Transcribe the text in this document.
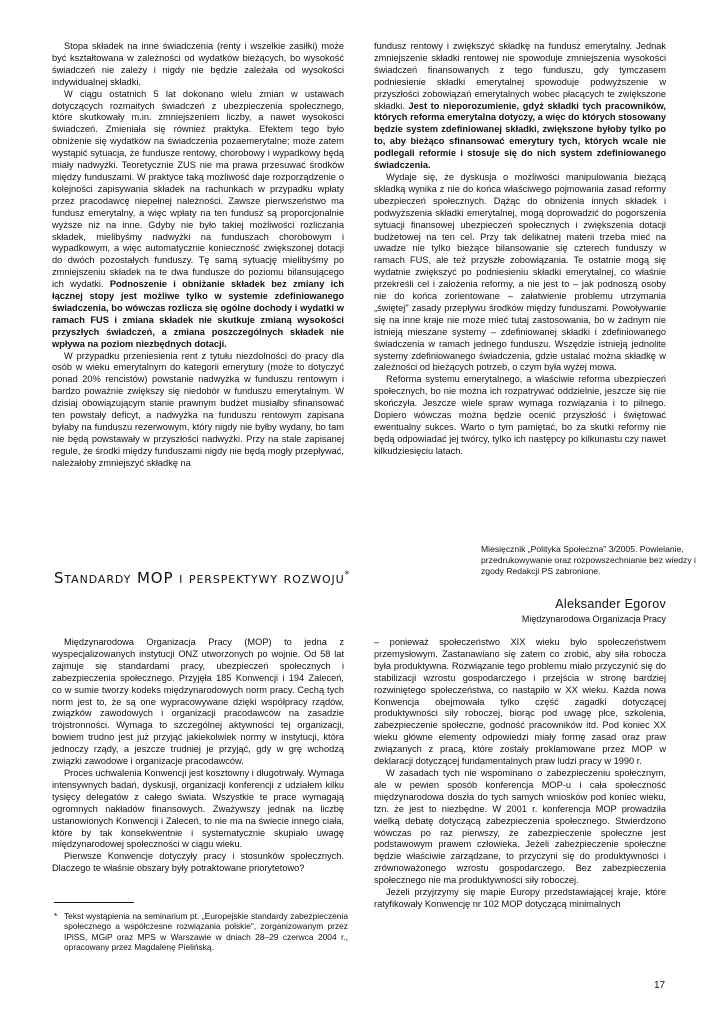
Stopa składek na inne świadczenia (renty i wszelkie zasiłki) może być kształtowana w zależności od wydatków bieżących, bo wysokość świadczeń nie zależy i nigdy nie będzie zależała od wysokości indywidualnej składki.

W ciągu ostatnich 5 lat dokonano wielu zmian w ustawach dotyczących rozmaitych świadczeń z ubezpieczenia społecznego, które skutkowały m.in. zmniejszeniem liczby, a nawet wysokości świadczeń. Zmieniała się również praktyka. Efektem tego było obniżenie się wydatków na świadczenia pozaemerytalne; może zatem wystąpić sytuacja, że fundusze rentowy, chorobowy i wypadkowy będą miały nadwyżki. Teoretycznie ZUS nie ma prawa przesuwać środków między funduszami. W praktyce taką możliwość daje rozporządzenie o kolejności zapisywania składek na rachunkach w przypadku wpłaty przez pracodawcę niepełnej należności. Zawsze pierwszeństwo ma fundusz emerytalny, a więc wpłaty na ten fundusz są proporcjonalnie wyższe niż na inne. Gdyby nie było takiej możliwości rozliczania składek, mielibyśmy nadwyżki na funduszach chorobowym i wypadkowym, a więc automatycznie konieczność zwiększonej dotacji do dwóch pozostałych funduszy. Tę samą sytuację mielibyśmy po zmniejszeniu składek na te dwa fundusze do poziomu bilansującego ich wydatki. Podnoszenie i obniżanie składek bez zmiany ich łącznej stopy jest możliwe tylko w systemie zdefiniowanego świadczenia, bo wówczas rozlicza się ogólne dochody i wydatki w ramach FUS i zmiana składek nie skutkuje zmianą wysokości przyszłych świadczeń, a zmiana poszczególnych składek nie wpływa na poziom niezbędnych dotacji.

W przypadku przeniesienia rent z tytułu niezdolności do pracy dla osób w wieku emerytalnym do kategorii emerytury (może to dotyczyć ponad 20% rencistów) powstanie nadwyżka w funduszu rentowym i bardzo poważnie zwiększy się niedobór w funduszu emerytalnym. W dzisiaj obowiązującym stanie prawnym budżet musiałby sfinansować ten powstały deficyt, a nadwyżka na funduszu rentowym zapisana byłaby na funduszu rezerwowym, który nigdy nie byłby wydany, bo tam nie będą powstawały w przyszłości nadwyżki. Przy na stale zapisanej regule, że środki między funduszami nigdy nie będą mogły przepływać, należałoby zmniejszyć składkę na

fundusz rentowy i zwiększyć składkę na fundusz emerytalny. Jednak zmniejszenie składki rentowej nie spowoduje zmniejszenia wysokości świadczeń finansowanych z tego funduszu, gdy tymczasem podniesienie składki emerytalnej spowoduje podwyższenie w przyszłości zobowiązań emerytalnych wobec płacących te zwiększone składki. Jest to nieporozumienie, gdyż składki tych pracowników, których reforma emerytalna dotyczy, a więc do których stosowany będzie system zdefiniowanej składki, zwiększone byłoby tylko po to, aby bieżąco sfinansować emerytury tych, których wcale nie podlegali reformie i stosuje się do nich system zdefiniowanego świadczenia.

Wydaje się, że dyskusja o możliwości manipulowania bieżącą składką wynika z nie do końca właściwego pojmowania zasad reformy ubezpieczeń społecznych. Dążąc do obniżenia innych składek i podwyższenia składki emerytalnej, mogą doprowadzić do pogorszenia sytuacji finansowej ubezpieczeń społecznych i zwiększenia dotacji budżetowej na ten cel. Przy tak delikatnej materii trzeba mieć na uwadze nie tylko bieżące bilansowanie się czterech funduszy w ramach FUS, ale też przyszłe zobowiązania. Te ostatnie mogą się wydatnie zwiększyć po podniesieniu składki emerytalnej, co właśnie przekreśli cel i założenia reformy, a nie jest to – jak podnoszą osoby nie do końca zorientowane – załatwienie problemu utrzymania „świętej" zasady przepływu środków między funduszami. Powoływanie się na inne kraje nie może mieć tutaj zastosowania, bo w żadnym nie istnieją mieszane systemy – zdefiniowanej składki i zdefiniowanego świadczenia w ramach jednego funduszu. Wszędzie istnieją jednolite systemy zdefiniowanego świadczenia, gdzie ustalać można składkę w zależności od bieżących potrzeb, o czym była wyżej mowa.

Reforma systemu emerytalnego, a właściwie reforma ubezpieczeń społecznych, bo nie można ich rozpatrywać oddzielnie, jeszcze się nie skończyła. Jeszcze wiele spraw wymaga rozwiązania i to pilnego. Dopiero wówczas można będzie ocenić przyszłość i świętować ewentualny sukces. Warto o tym pamiętać, bo za skutki reformy nie będą odpowiadać jej twórcy, tylko ich następcy po kilkunastu czy nawet kilkudziesięciu latach.

Miesięcznik „Polityka Społeczna" 3/2005. Powielanie, przedrukowywanie oraz rozpowszechnianie bez wiedzy i zgody Redakcji PS zabronione.
Standardy MOP i perspektywy rozwoju*
Aleksander Egorov
Międzynarodowa Organizacja Pracy

Międzynarodowa Organizacja Pracy (MOP) to jedna z wyspecjalizowanych instytucji ONZ utworzonych po wojnie. Od 58 lat zajmuje się standardami pracy, ubezpieczeń społecznych i zabezpieczenia społecznego. Przyjęła 185 Konwencji i 194 Zaleceń, co w sumie tworzy kodeks międzynarodowych norm pracy. Cechą tych norm jest to, że są one wypracowywane dzięki współpracy rządów, związków zawodowych i organizacji pracodawców na zasadzie trójstronności. Wymaga to szczególnej aktywności tej organizacji, bowiem trudno jest już przyjąć jakiekolwiek normy w instytucji, która jednoczy rządy, a jeszcze trudniej je przyjąć, gdy w grę wchodzą związki zawodowe i organizacje pracodawców.

Proces uchwalenia Konwencji jest kosztowny i długotrwały. Wymaga intensywnych badań, dyskusji, organizacji konferencji z udziałem kilku tysięcy delegatów z całego świata. Wszystkie te prace wymagają ogromnych nakładów finansowych. Zważywszy jednak na liczbę ustanowionych Konwencji i Zaleceń, to nie ma na świecie innego ciała, które by tak konsekwentnie i systematycznie skupiało uwagę międzynarodowej społeczności w ciągu wieku.

Pierwsze Konwencje dotyczyły pracy i stosunków społecznych. Dlaczego te właśnie obszary były potraktowane priorytetowo?

– ponieważ społeczeństwo XIX wieku było społeczeństwem przemysłowym. Zastanawiano się zatem co zrobić, aby siła robocza była produktywna. Rozwiązanie tego problemu miało przyczynić się do stabilizacji wzrostu gospodarczego i przejścia w stronę bardziej rozwiniętego społeczeństwa, co nastąpiło w XX wieku. Każda nowa Konwencja obejmowała tylko część zagadki dotyczącej produktywności siły roboczej, biorąc pod uwagę płce, szkolenia, zabezpieczenie społeczne, godność pracowników itd. Pod koniec XX wieku główne elementy odpowiedzi miały formę zasad oraz praw związanych z pracą, które zostały proklamowane przez MOP w deklaracji dotyczącej fundamentalnych praw ludzi pracy w 1990 r.

W zasadach tych nie wspominano o zabezpieczeniu społecznym, ale w pewien sposób konferencja MOP-u i cała społeczność międzynarodowa doszła do tych samych wniosków pod koniec wieku, tzn. że jest to niezbędne. W 2001 r. konferencja MOP prowadziła wielką debatę dotyczącą zabezpieczenia społecznego. Stwierdzono wówczas po raz pierwszy, że zabezpieczenie społeczne jest podstawowym prawem człowieka. Jeżeli zabezpieczenie społeczne będzie właściwie zarządzane, to przyczyni się do produktywności i zrównoważonego wzrostu gospodarczego. Bez zabezpieczenia społecznego nie ma produktywności siły roboczej.

Jeżeli przyjrzymy się mapie Europy przedstawiającej kraje, które ratyfikowały Konwencję nr 102 MOP dotyczącą minimalnych

* Tekst wystąpienia na seminarium pt. „Europejskie standardy zabezpieczenia społecznego a współczesne rozwiązania polskie", zorganizowanym przez IPiSS, MGiP oraz MPS w Warszawie w dniach 28–29 czerwca 2004 r., opracowany przez Magdalenę Pielińską.
17
